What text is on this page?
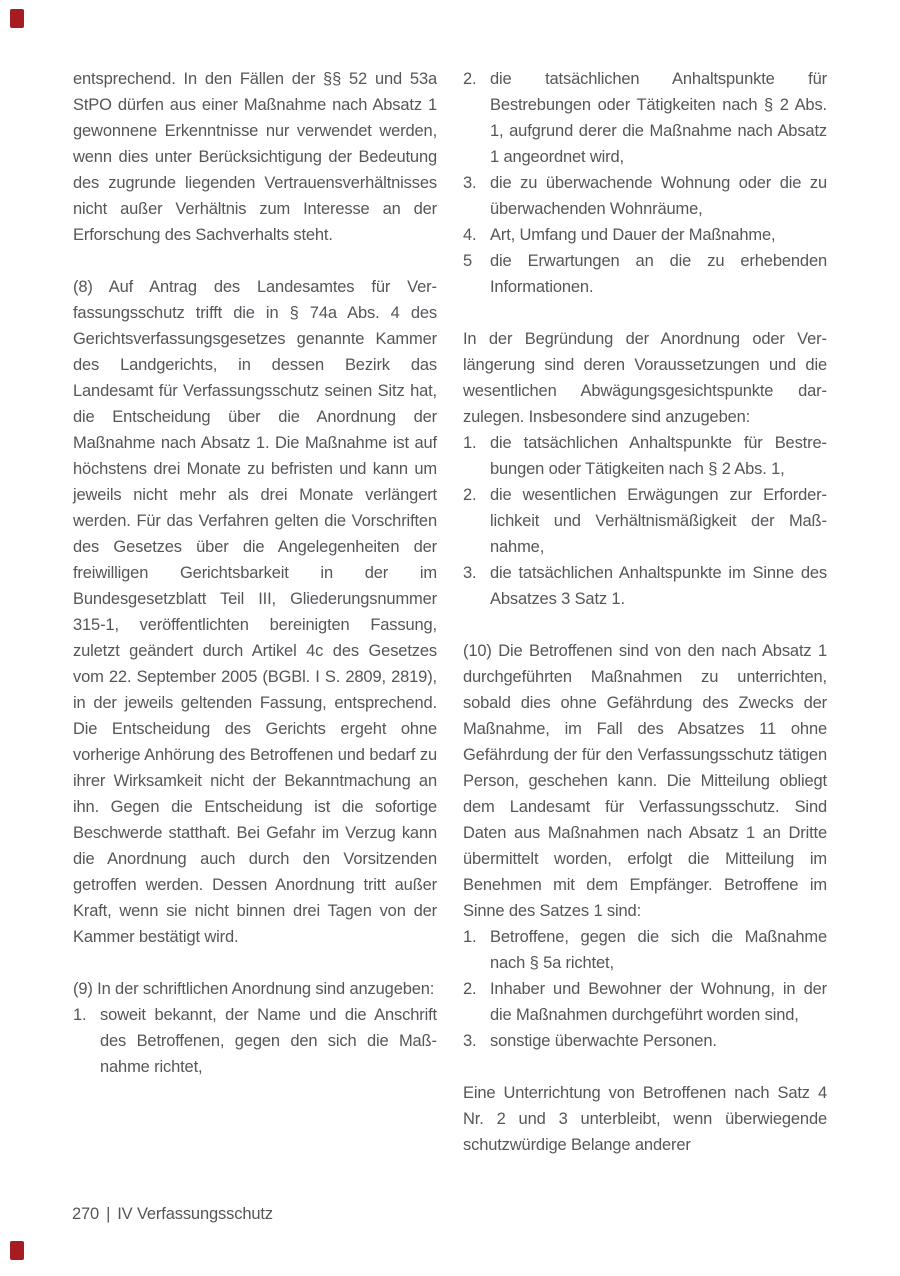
entsprechend. In den Fällen der §§ 52 und 53a StPO dürfen aus einer Maßnahme nach Absatz 1 gewonnene Erkenntnisse nur verwendet werden, wenn dies unter Berücksichtigung der Bedeutung des zugrunde liegenden Vertrauensverhältnisses nicht außer Verhältnis zum Interesse an der Erforschung des Sachverhalts steht.

(8) Auf Antrag des Landesamtes für Verfassungsschutz trifft die in § 74a Abs. 4 des Gerichtsverfassungsgesetzes genannte Kammer des Landgerichts, in dessen Bezirk das Landesamt für Verfassungsschutz seinen Sitz hat, die Entscheidung über die Anordnung der Maßnahme nach Absatz 1. Die Maßnahme ist auf höchstens drei Monate zu befristen und kann um jeweils nicht mehr als drei Monate verlängert werden. Für das Verfahren gelten die Vorschriften des Gesetzes über die Angelegenheiten der freiwilligen Gerichtsbarkeit in der im Bundesgesetzblatt Teil III, Gliederungsnummer 315-1, veröffentlichten bereinigten Fassung, zuletzt geändert durch Artikel 4c des Gesetzes vom 22. September 2005 (BGBl. I S. 2809, 2819), in der jeweils geltenden Fassung, entsprechend. Die Entscheidung des Gerichts ergeht ohne vorherige Anhörung des Betroffenen und bedarf zu ihrer Wirksamkeit nicht der Bekanntmachung an ihn. Gegen die Entscheidung ist die sofortige Beschwerde statthaft. Bei Gefahr im Verzug kann die Anordnung auch durch den Vorsitzenden getroffen werden. Dessen Anordnung tritt außer Kraft, wenn sie nicht binnen drei Tagen von der Kammer bestätigt wird.

(9) In der schriftlichen Anordnung sind anzugeben:

1. soweit bekannt, der Name und die Anschrift des Betroffenen, gegen den sich die Maßnahme richtet,
2. die tatsächlichen Anhaltspunkte für Bestrebungen oder Tätigkeiten nach § 2 Abs. 1, aufgrund derer die Maßnahme nach Absatz 1 angeordnet wird,
3. die zu überwachende Wohnung oder die zu überwachenden Wohnräume,
4. Art, Umfang und Dauer der Maßnahme,
5	die Erwartungen an die zu erhebenden Informationen.

In der Begründung der Anordnung oder Verlängerung sind deren Voraussetzungen und die wesentlichen Abwägungsgesichtspunkte darzulegen. Insbesondere sind anzugeben:

1. die tatsächlichen Anhaltspunkte für Bestrebungen oder Tätigkeiten nach § 2 Abs. 1,
2. die wesentlichen Erwägungen zur Erforderlichkeit und Verhältnismäßigkeit der Maßnahme,
3. die tatsächlichen Anhaltspunkte im Sinne des Absatzes 3 Satz 1.

(10) Die Betroffenen sind von den nach Absatz 1 durchgeführten Maßnahmen zu unterrichten, sobald dies ohne Gefährdung des Zwecks der Maßnahme, im Fall des Absatzes 11 ohne Gefährdung der für den Verfassungsschutz tätigen Person, geschehen kann. Die Mitteilung obliegt dem Landesamt für Verfassungsschutz. Sind Daten aus Maßnahmen nach Absatz 1 an Dritte übermittelt worden, erfolgt die Mitteilung im Benehmen mit dem Empfänger. Betroffene im Sinne des Satzes 1 sind:

1. Betroffene, gegen die sich die Maßnahme nach § 5a richtet,
2. Inhaber und Bewohner der Wohnung, in der die Maßnahmen durchgeführt worden sind,
3. sonstige überwachte Personen.

Eine Unterrichtung von Betroffenen nach Satz 4 Nr. 2 und 3 unterbleibt, wenn überwiegende schutzwürdige Belange anderer

270 | IV Verfassungsschutz
